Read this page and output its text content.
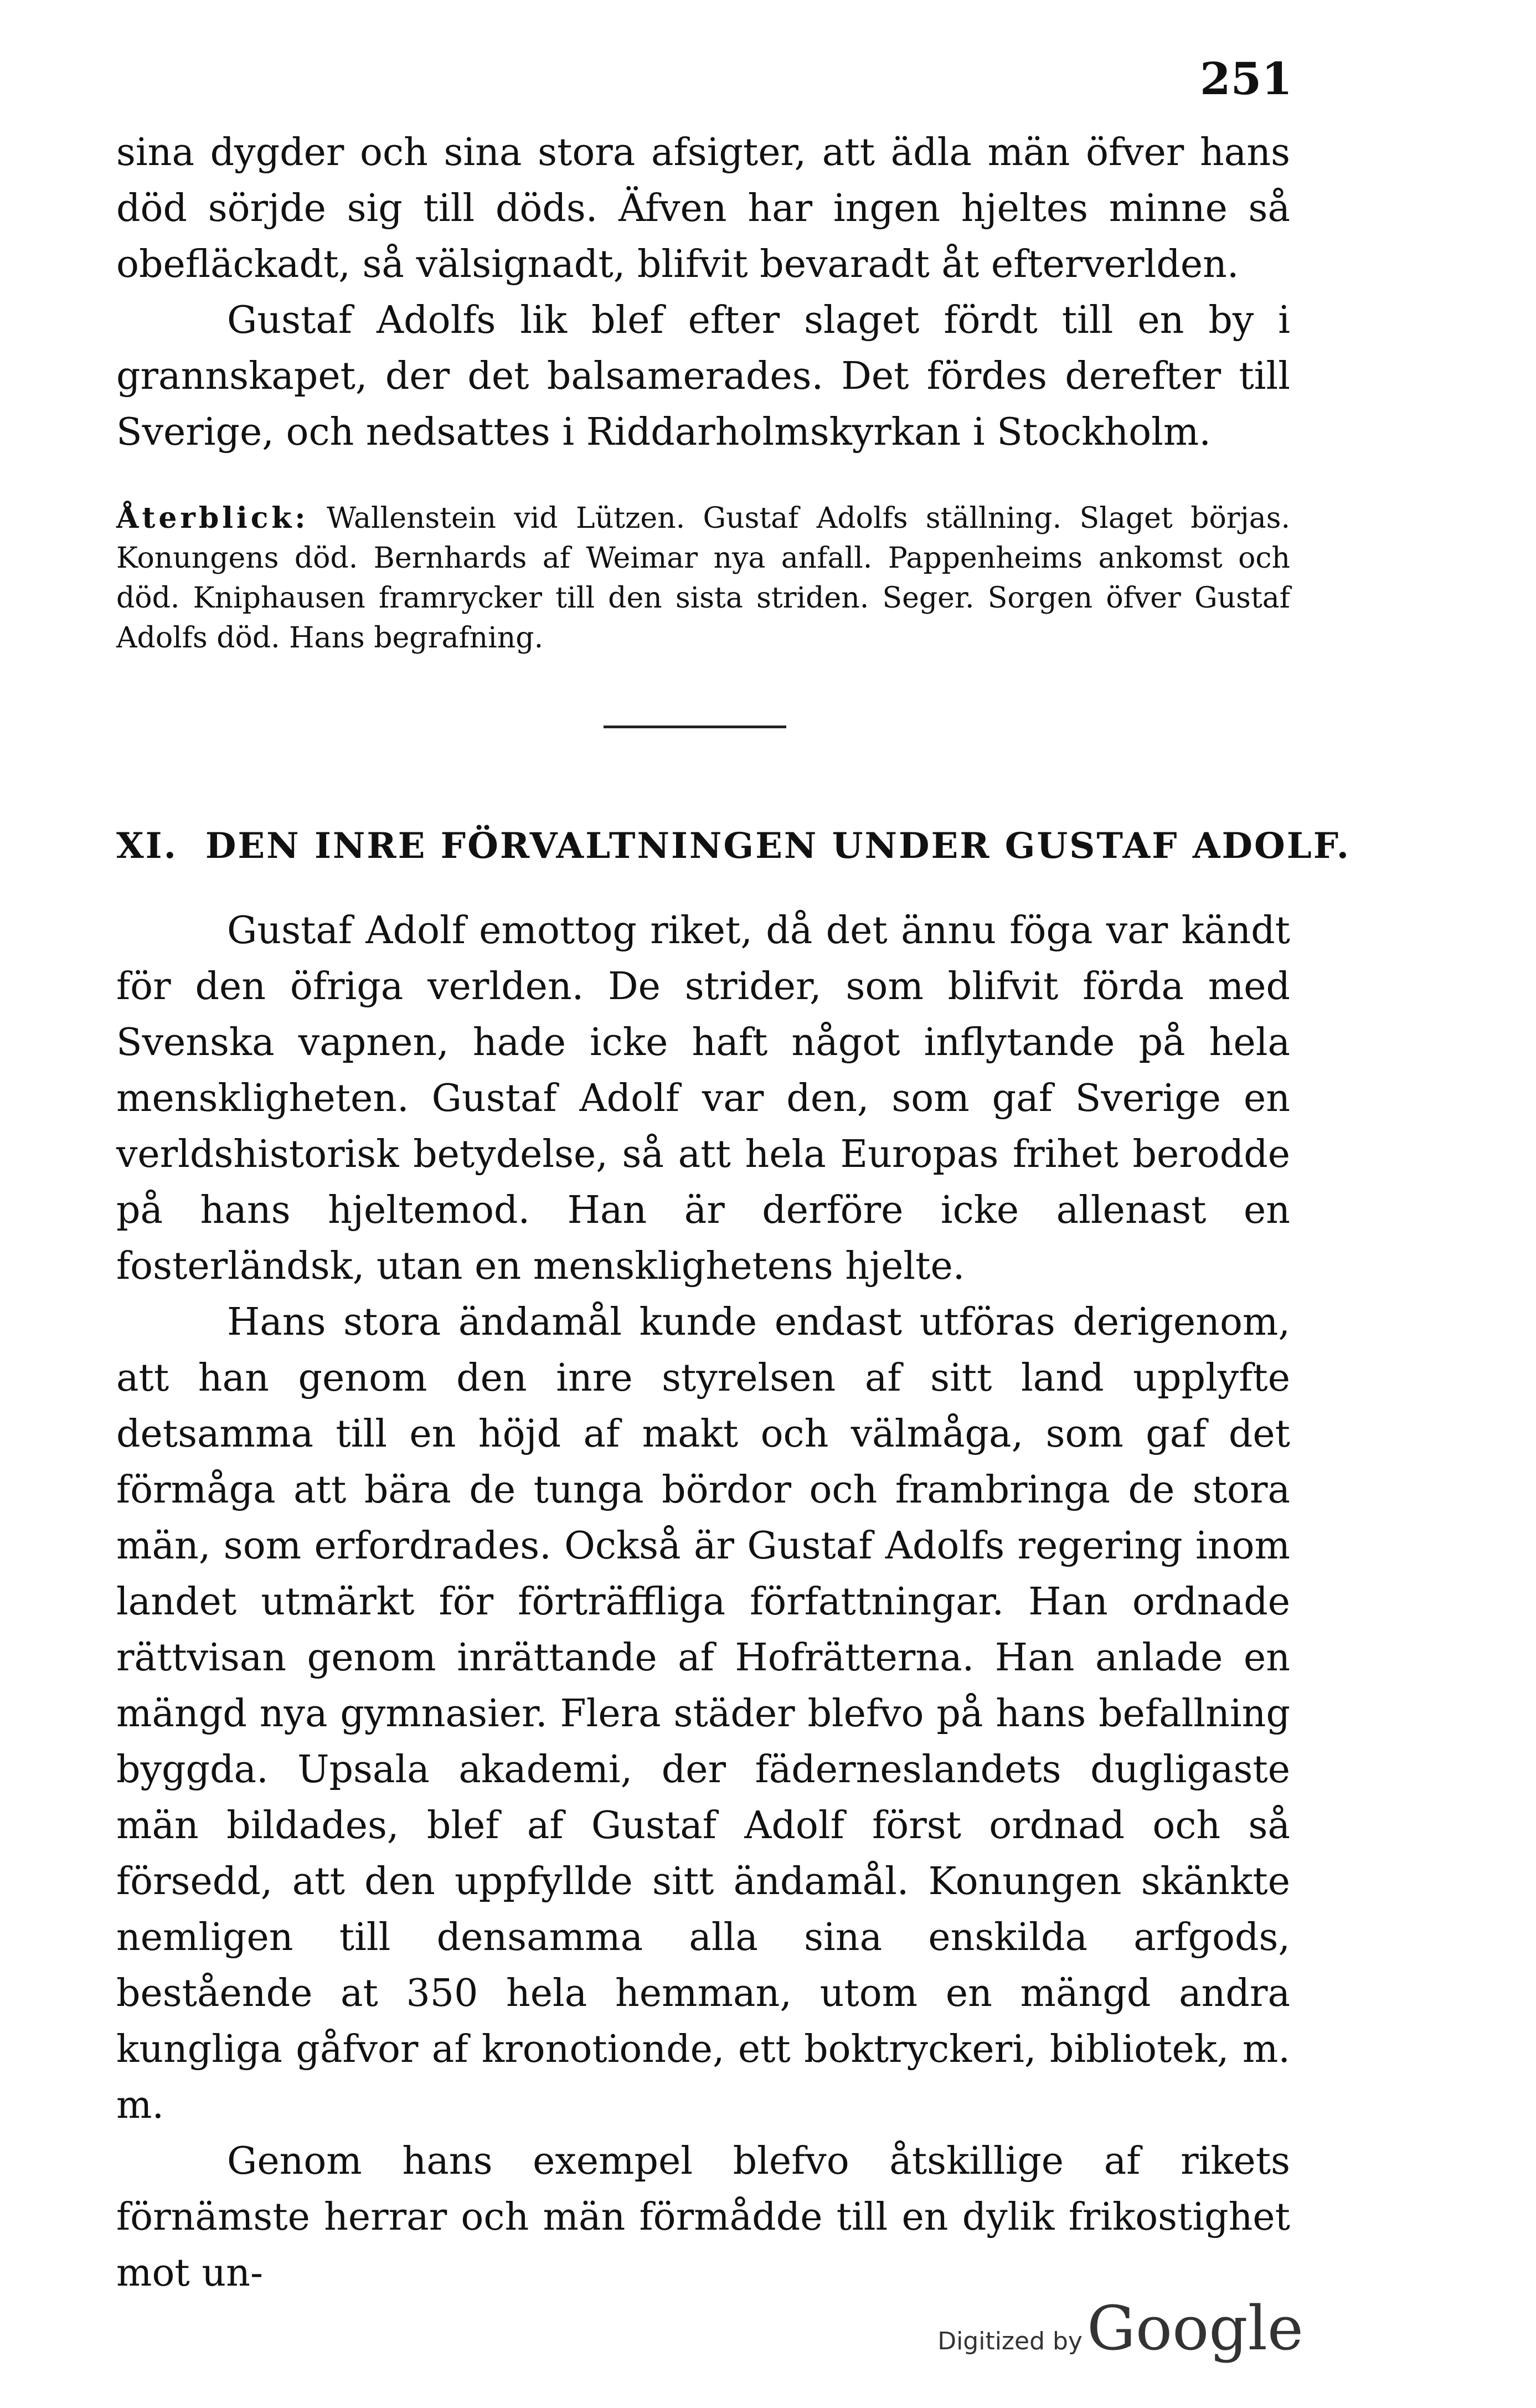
251

sina dygder och sina stora afsigter, att ädla män öfver hans död sörjde sig till döds. Äfven har ingen hjeltes minne så obefläckadt, så välsignadt, blifvit bevaradt åt efterverlden.

Gustaf Adolfs lik blef efter slaget fördt till en by i grannskapet, der det balsamerades. Det fördes derefter till Sverige, och nedsattes i Riddarholmskyrkan i Stockholm.

Återblick: Wallenstein vid Lützen. Gustaf Adolfs ställning. Slaget börjas. Konungens död. Bernhards af Weimar nya anfall. Pappenheims ankomst och död. Kniphausen framrycker till den sista striden. Seger. Sorgen öfver Gustaf Adolfs död. Hans begrafning.

XI. DEN INRE FÖRVALTNINGEN UNDER GUSTAF ADOLF.

Gustaf Adolf emottog riket, då det ännu föga var kändt för den öfriga verlden. De strider, som blifvit förda med Svenska vapnen, hade icke haft något inflytande på hela menskligheten. Gustaf Adolf var den, som gaf Sverige en verldshistorisk betydelse, så att hela Europas frihet berodde på hans hjeltemod. Han är derföre icke allenast en fosterländsk, utan en mensklighetens hjelte.

Hans stora ändamål kunde endast utföras derigenom, att han genom den inre styrelsen af sitt land upplyfte detsamma till en höjd af makt och välmåga, som gaf det förmåga att bära de tunga bördor och frambringa de stora män, som erfordrades. Också är Gustaf Adolfs regering inom landet utmärkt för förträffliga författningar. Han ordnade rättvisan genom inrättande af Hofrätterna. Han anlade en mängd nya gymnasier. Flera städer blefvo på hans befallning byggda. Upsala akademi, der fäderneslandets dugligaste män bildades, blef af Gustaf Adolf först ordnad och så försedd, att den uppfyllde sitt ändamål. Konungen skänkte nemligen till densamma alla sina enskilda arfgods, bestående at 350 hela hemman, utom en mängd andra kungliga gåfvor af kronotionde, ett boktryckeri, bibliotek, m. m.

Genom hans exempel blefvo åtskillige af rikets förnämste herrar och män förmådde till en dylik frikostighet mot un-

Digitized byGoogle
